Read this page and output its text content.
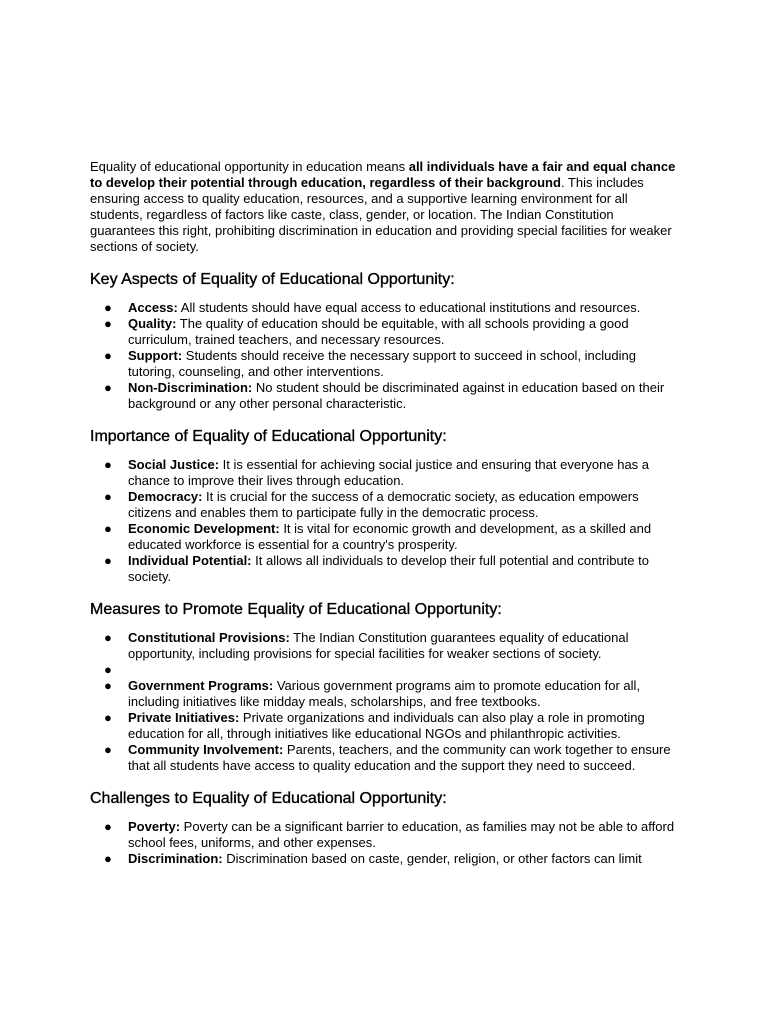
Equality of educational opportunity in education means all individuals have a fair and equal chance to develop their potential through education, regardless of their background. This includes ensuring access to quality education, resources, and a supportive learning environment for all students, regardless of factors like caste, class, gender, or location. The Indian Constitution guarantees this right, prohibiting discrimination in education and providing special facilities for weaker sections of society.

Key Aspects of Equality of Educational Opportunity:
● Access: All students should have equal access to educational institutions and resources.
● Quality: The quality of education should be equitable, with all schools providing a good curriculum, trained teachers, and necessary resources.
● Support: Students should receive the necessary support to succeed in school, including tutoring, counseling, and other interventions.
● Non-Discrimination: No student should be discriminated against in education based on their background or any other personal characteristic.
Importance of Equality of Educational Opportunity:
● Social Justice: It is essential for achieving social justice and ensuring that everyone has a chance to improve their lives through education.
● Democracy: It is crucial for the success of a democratic society, as education empowers citizens and enables them to participate fully in the democratic process.
● Economic Development: It is vital for economic growth and development, as a skilled and educated workforce is essential for a country's prosperity.
● Individual Potential: It allows all individuals to develop their full potential and contribute to society.
Measures to Promote Equality of Educational Opportunity:
● Constitutional Provisions: The Indian Constitution guarantees equality of educational opportunity, including provisions for special facilities for weaker sections of society.
●
● Government Programs: Various government programs aim to promote education for all, including initiatives like midday meals, scholarships, and free textbooks.
● Private Initiatives: Private organizations and individuals can also play a role in promoting education for all, through initiatives like educational NGOs and philanthropic activities.
● Community Involvement: Parents, teachers, and the community can work together to ensure that all students have access to quality education and the support they need to succeed.
Challenges to Equality of Educational Opportunity:
● Poverty: Poverty can be a significant barrier to education, as families may not be able to afford school fees, uniforms, and other expenses.
● Discrimination: Discrimination based on caste, gender, religion, or other factors can limit
